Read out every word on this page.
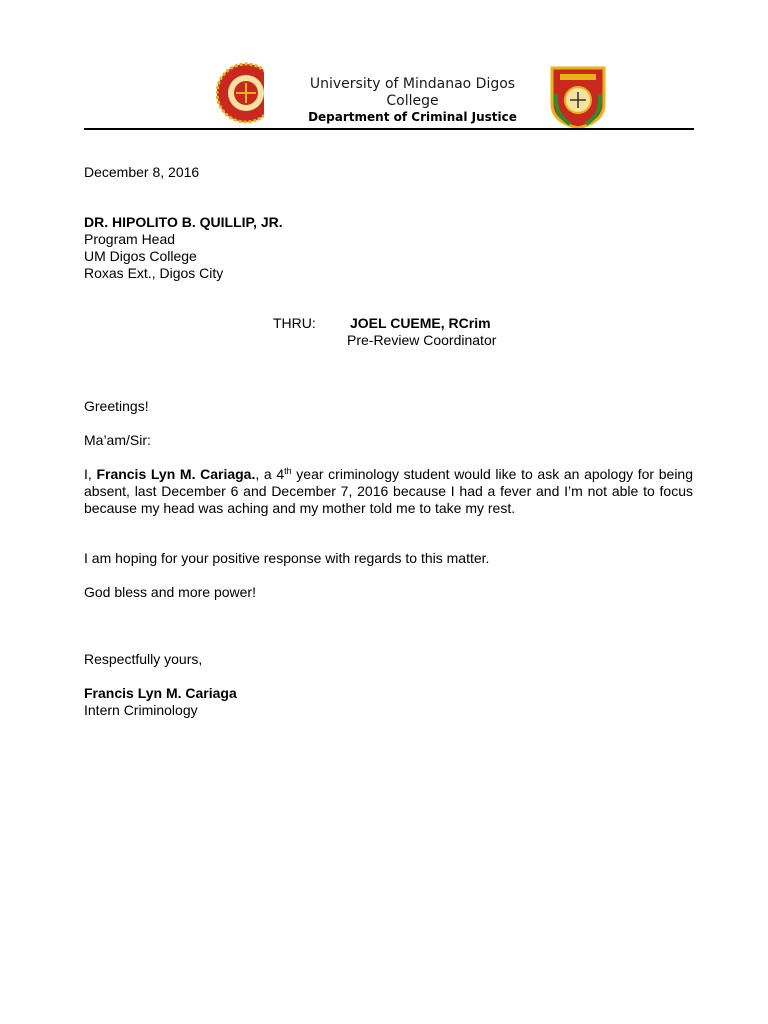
University of Mindanao Digos
College
Department of Criminal Justice
December 8, 2016
DR. HIPOLITO B. QUILLIP, JR.
Program Head
UM Digos College
Roxas Ext., Digos City
THRU: JOEL CUEME, RCrim
Pre-Review Coordinator
Greetings!
Ma’am/Sir:
I, Francis Lyn M. Cariaga., a 4th year criminology student would like to ask an apology for being absent, last December 6 and December 7, 2016 because I had a fever and I’m not able to focus because my head was aching and my mother told me to take my rest.
I am hoping for your positive response with regards to this matter.
God bless and more power!
Respectfully yours,
Francis Lyn M. Cariaga
Intern Criminology
